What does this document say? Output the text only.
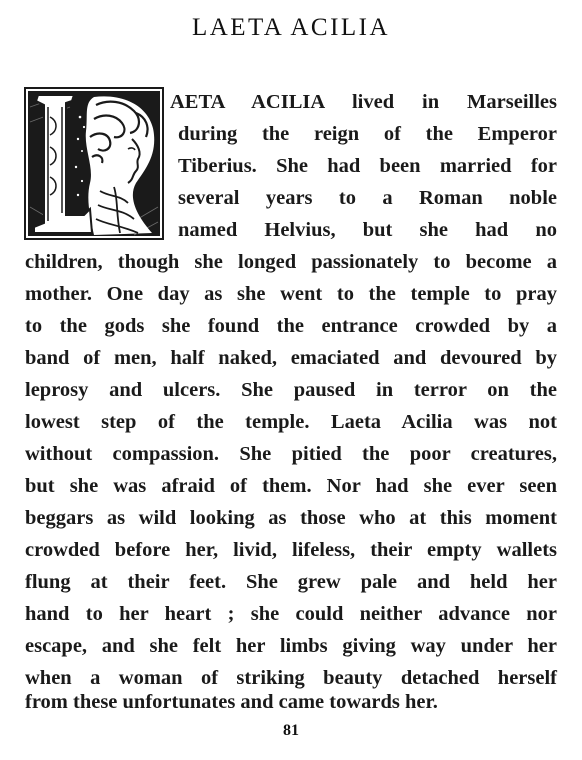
LAETA ACILIA
AETA ACILIA lived in Marseilles
during the reign of the Emperor
Tiberius. She had been married for
several years to a Roman noble
named Helvius, but she had no
children, though she longed passionately to become a
mother. One day as she went to the temple to pray
to the gods she found the entrance crowded by a
band of men, half naked, emaciated and devoured by
leprosy and ulcers. She paused in terror on the
lowest step of the temple. Laeta Acilia was not
without compassion. She pitied the poor creatures,
but she was afraid of them. Nor had she ever seen
beggars as wild looking as those who at this moment
crowded before her, livid, lifeless, their empty wallets
flung at their feet. She grew pale and held her
hand to her heart ; she could neither advance nor
escape, and she felt her limbs giving way under her
when a woman of striking beauty detached herself
from these unfortunates and came towards her.
81
